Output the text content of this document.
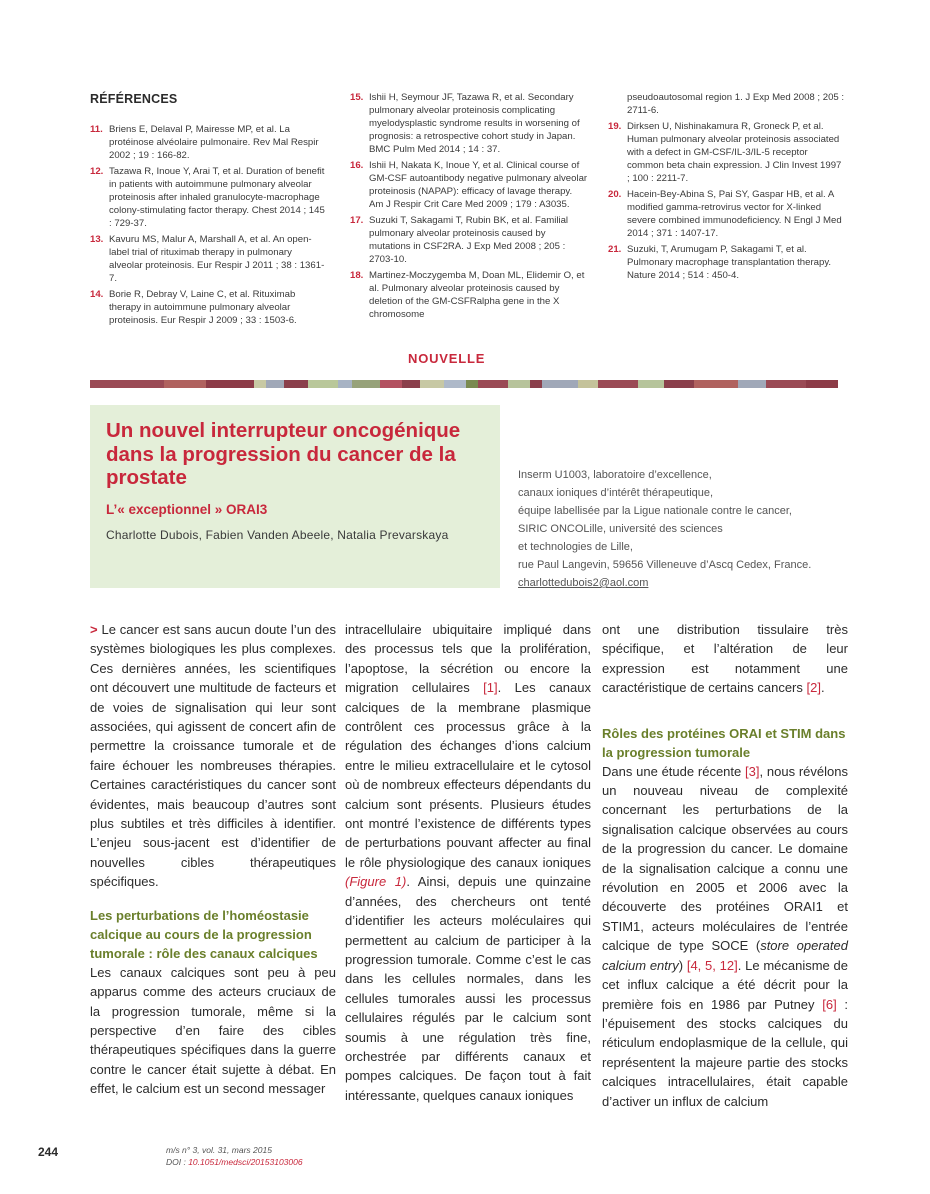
RÉFÉRENCES
11. Briens E, Delaval P, Mairesse MP, et al. La protéinose alvéolaire pulmonaire. Rev Mal Respir 2002 ; 19 : 166-82.
12. Tazawa R, Inoue Y, Arai T, et al. Duration of benefit in patients with autoimmune pulmonary alveolar proteinosis after inhaled granulocyte-macrophage colony-stimulating factor therapy. Chest 2014 ; 145 : 729-37.
13. Kavuru MS, Malur A, Marshall A, et al. An open-label trial of rituximab therapy in pulmonary alveolar proteinosis. Eur Respir J 2011 ; 38 : 1361-7.
14. Borie R, Debray V, Laine C, et al. Rituximab therapy in autoimmune pulmonary alveolar proteinosis. Eur Respir J 2009 ; 33 : 1503-6.
15. Ishii H, Seymour JF, Tazawa R, et al. Secondary pulmonary alveolar proteinosis complicating myelodysplastic syndrome results in worsening of prognosis: a retrospective cohort study in Japan. BMC Pulm Med 2014 ; 14 : 37.
16. Ishii H, Nakata K, Inoue Y, et al. Clinical course of GM-CSF autoantibody negative pulmonary alveolar proteinosis (NAPAP): efficacy of lavage therapy. Am J Respir Crit Care Med 2009 ; 179 : A3035.
17. Suzuki T, Sakagami T, Rubin BK, et al. Familial pulmonary alveolar proteinosis caused by mutations in CSF2RA. J Exp Med 2008 ; 205 : 2703-10.
18. Martinez-Moczygemba M, Doan ML, Elidemir O, et al. Pulmonary alveolar proteinosis caused by deletion of the GM-CSFRalpha gene in the X chromosome
pseudoautosomal region 1. J Exp Med 2008 ; 205 : 2711-6.
19. Dirksen U, Nishinakamura R, Groneck P, et al. Human pulmonary alveolar proteinosis associated with a defect in GM-CSF/IL-3/IL-5 receptor common beta chain expression. J Clin Invest 1997 ; 100 : 2211-7.
20. Hacein-Bey-Abina S, Pai SY, Gaspar HB, et al. A modified gamma-retrovirus vector for X-linked severe combined immunodeficiency. N Engl J Med 2014 ; 371 : 1407-17.
21. Suzuki, T, Arumugam P, Sakagami T, et al. Pulmonary macrophage transplantation therapy. Nature 2014 ; 514 : 450-4.
NOUVELLE
Un nouvel interrupteur oncogénique dans la progression du cancer de la prostate
L’« exceptionnel » ORAI3
Charlotte Dubois, Fabien Vanden Abeele, Natalia Prevarskaya
Inserm U1003, laboratoire d’excellence,
canaux ioniques d’intérêt thérapeutique,
équipe labellisée par la Ligue nationale contre le cancer,
SIRIC ONCOLille, université des sciences
et technologies de Lille,
rue Paul Langevin, 59656 Villeneuve d’Ascq Cedex, France.
charlottedubois2@aol.com

> Le cancer est sans aucun doute l’un des systèmes biologiques les plus complexes. Ces dernières années, les scientifiques ont découvert une multitude de facteurs et de voies de signalisation qui leur sont associées, qui agissent de concert afin de permettre la croissance tumorale et de faire échouer les nombreuses thérapies. Certaines caractéristiques du cancer sont évidentes, mais beaucoup d’autres sont plus subtiles et très difficiles à identifier. L’enjeu sous-jacent est d’identifier de nouvelles cibles thérapeutiques spécifiques.

Les perturbations de l’homéostasie calcique au cours de la progression tumorale : rôle des canaux calciques

Les canaux calciques sont peu à peu apparus comme des acteurs cruciaux de la progression tumorale, même si la perspective d’en faire des cibles thérapeutiques spécifiques dans la guerre contre le cancer était sujette à débat. En effet, le calcium est un second messager

intracellulaire ubiquitaire impliqué dans des processus tels que la prolifération, l’apoptose, la sécrétion ou encore la migration cellulaires [1]. Les canaux calciques de la membrane plasmique contrôlent ces processus grâce à la régulation des échanges d’ions calcium entre le milieu extracellulaire et le cytosol où de nombreux effecteurs dépendants du calcium sont présents. Plusieurs études ont montré l’existence de différents types de perturbations pouvant affecter au final le rôle physiologique des canaux ioniques (Figure 1). Ainsi, depuis une quinzaine d’années, des chercheurs ont tenté d’identifier les acteurs moléculaires qui permettent au calcium de participer à la progression tumorale. Comme c’est le cas dans les cellules normales, dans les cellules tumorales aussi les processus cellulaires régulés par le calcium sont soumis à une régulation très fine, orchestrée par différents canaux et pompes calciques. De façon tout à fait intéressante, quelques canaux ioniques

ont une distribution tissulaire très spécifique, et l’altération de leur expression est notamment une caractéristique de certains cancers [2].

Rôles des protéines ORAI et STIM dans la progression tumorale

Dans une étude récente [3], nous révélons un nouveau niveau de complexité concernant les perturbations de la signalisation calcique observées au cours de la progression du cancer. Le domaine de la signalisation calcique a connu une révolution en 2005 et 2006 avec la découverte des protéines ORAI1 et STIM1, acteurs moléculaires de l’entrée calcique de type SOCE (store operated calcium entry) [4, 5, 12]. Le mécanisme de cet influx calcique a été décrit pour la première fois en 1986 par Putney [6] : l’épuisement des stocks calciques du réticulum endoplasmique de la cellule, qui représentent la majeure partie des stocks calciques intracellulaires, était capable d’activer un influx de calcium

244	m/s n° 3, vol. 31, mars 2015
DOI : 10.1051/medsci/20153103006
